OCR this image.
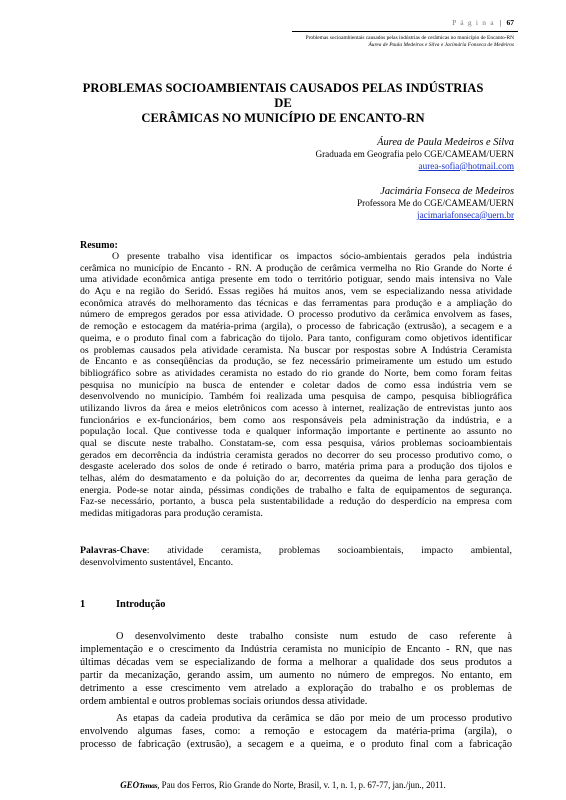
P á g i n a | 67
Problemas socioambientais causados pelas indústrias de cerâmicas no município de Encanto-RN
Áurea de Paula Medeiros e Silva e Jacimária Fonseca de Medeiros
PROBLEMAS SOCIOAMBIENTAIS CAUSADOS PELAS INDÚSTRIAS DE
CERÂMICAS NO MUNICÍPIO DE ENCANTO-RN
Áurea de Paula Medeiros e Silva
Graduada em Geografia pelo CGE/CAMEAM/UERN
aurea-sofia@hotmail.com
Jacimária Fonseca de Medeiros
Professora Me do CGE/CAMEAM/UERN
jacimariafonseca@uern.br
Resumo:
O presente trabalho visa identificar os impactos sócio-ambientais gerados pela indústria
cerâmica no município de Encanto - RN. A produção de cerâmica vermelha no Rio Grande do Norte é
uma atividade econômica antiga presente em todo o território potiguar, sendo mais intensiva no Vale
do Açu e na região do Seridó. Essas regiões há muitos anos, vem se especializando nessa atividade
econômica através do melhoramento das técnicas e das ferramentas para produção e a ampliação do
número de empregos gerados por essa atividade. O processo produtivo da cerâmica envolvem as fases,
de remoção e estocagem da matéria-prima (argila), o processo de fabricação (extrusão), a secagem e a
queima, e o produto final com a fabricação do tijolo. Para tanto, configuram como objetivos identificar
os problemas causados pela atividade ceramista. Na buscar por respostas sobre A Indústria Ceramista
de Encanto e as conseqüências da produção, se fez necessário primeiramente um estudo um estudo
bibliográfico sobre as atividades ceramista no estado do rio grande do Norte, bem como foram feitas
pesquisa no município na busca de entender e coletar dados de como essa indústria vem se
desenvolvendo no município. Também foi realizada uma pesquisa de campo, pesquisa bibliográfica
utilizando livros da área e meios eletrônicos com acesso à internet, realização de entrevistas junto aos
funcionários e ex-funcionários, bem como aos responsáveis pela administração da indústria, e a
população local. Que contivesse toda e qualquer informação importante e pertinente ao assunto no
qual se discute neste trabalho. Constatam-se, com essa pesquisa, vários problemas socioambientais
gerados em decorrência da indústria ceramista gerados no decorrer do seu processo produtivo como, o
desgaste acelerado dos solos de onde é retirado o barro, matéria prima para a produção dos tijolos e
telhas, além do desmatamento e da poluição do ar, decorrentes da queima de lenha para geração de
energia. Pode-se notar ainda, péssimas condições de trabalho e falta de equipamentos de segurança.
Faz-se necessário, portanto, a busca pela sustentabilidade a redução do desperdício na empresa com
medidas mitigadoras para produção ceramista.
Palavras-Chave: atividade ceramista, problemas socioambientais, impacto ambiental,
desenvolvimento sustentável, Encanto.
1	Introdução
O desenvolvimento deste trabalho consiste num estudo de caso referente à
implementação e o crescimento da Indústria ceramista no município de Encanto - RN, que nas
últimas décadas vem se especializando de forma a melhorar a qualidade dos seus produtos a
partir da mecanização, gerando assim, um aumento no número de empregos. No entanto, em
detrimento a esse crescimento vem atrelado a exploração do trabalho e os problemas de
ordem ambiental e outros problemas sociais oriundos dessa atividade.
As etapas da cadeia produtiva da cerâmica se dão por meio de um processo produtivo
envolvendo algumas fases, como: a remoção e estocagem da matéria-prima (argila), o
processo de fabricação (extrusão), a secagem e a queima, e o produto final com a fabricação
GEOTemas, Pau dos Ferros, Rio Grande do Norte, Brasil, v. 1, n. 1, p. 67-77, jan./jun., 2011.
